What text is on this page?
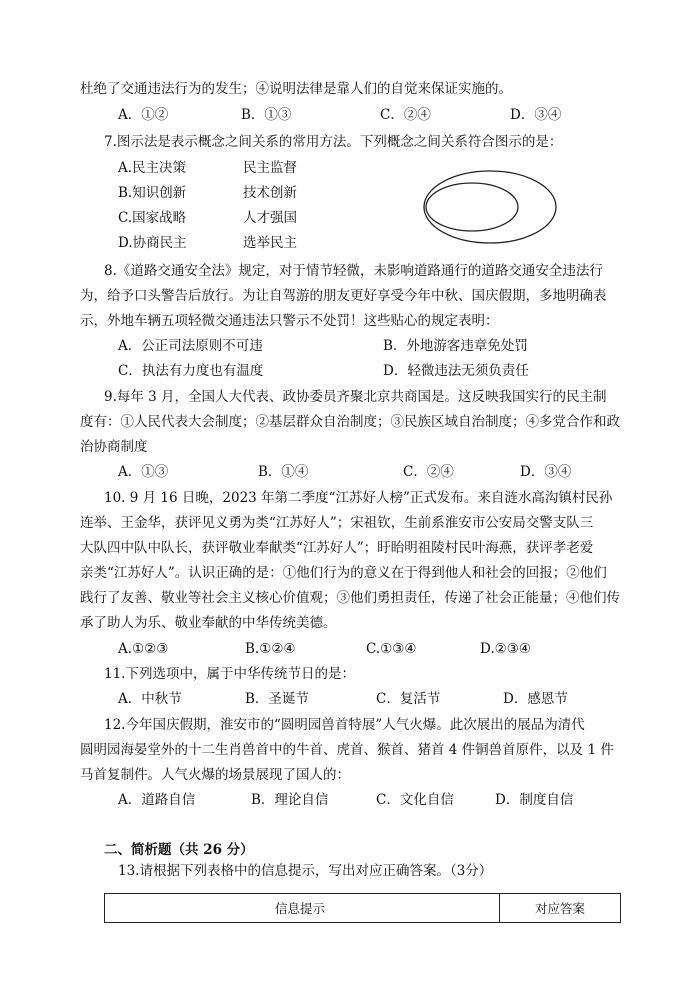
杜绝了交通违法行为的发生；④说明法律是靠人们的自觉来保证实施的。
A．①②	B．①③	C．②④	D．③④
7.图示法是表示概念之间关系的常用方法。下列概念之间关系符合图示的是：
A.民主决策	民主监督
B.知识创新	技术创新
C.国家战略	人才强国
D.协商民主	选举民主
8.《道路交通安全法》规定，对于情节轻微，未影响道路通行的道路交通安全违法行
为，给予口头警告后放行。为让自驾游的朋友更好享受今年中秋、国庆假期，多地明确表
示，外地车辆五项轻微交通违法只警示不处罚！这些贴心的规定表明：
A．公正司法原则不可违	B．外地游客违章免处罚
C．执法有力度也有温度	D．轻微违法无须负责任
9.每年 3 月，全国人大代表、政协委员齐聚北京共商国是。这反映我国实行的民主制
度有：①人民代表大会制度；②基层群众自治制度；③民族区域自治制度；④多党合作和政
治协商制度
A．①③	B．①④	C．②④	D．③④
10. 9 月 16 日晚，2023 年第二季度“江苏好人榜”正式发布。来自涟水高沟镇村民孙
连举、王金华，获评见义勇为类“江苏好人”；宋祖钦，生前系淮安市公安局交警支队三
大队四中队中队长，获评敬业奉献类“江苏好人”；盱眙明祖陵村民叶海燕，获评孝老爱
亲类“江苏好人”。认识正确的是：①他们行为的意义在于得到他人和社会的回报；②他们
践行了友善、敬业等社会主义核心价值观；③他们勇担责任，传递了社会正能量；④他们传
承了助人为乐、敬业奉献的中华传统美德。
A.①②③	B.①②④	C.①③④	D.②③④
11.下列选项中，属于中华传统节日的是：
A．中秋节	B．圣诞节	C．复活节	D．感恩节
12.今年国庆假期，淮安市的“圆明园兽首特展”人气火爆。此次展出的展品为清代
圆明园海晏堂外的十二生肖兽首中的牛首、虎首、猴首、猪首 4 件铜兽首原件，以及 1 件
马首复制件。人气火爆的场景展现了国人的：
A．道路自信	B．理论自信	C．文化自信	D．制度自信
二、简析题（共 26 分）
13.请根据下列表格中的信息提示，写出对应正确答案。（3分）
信息提示	对应答案
